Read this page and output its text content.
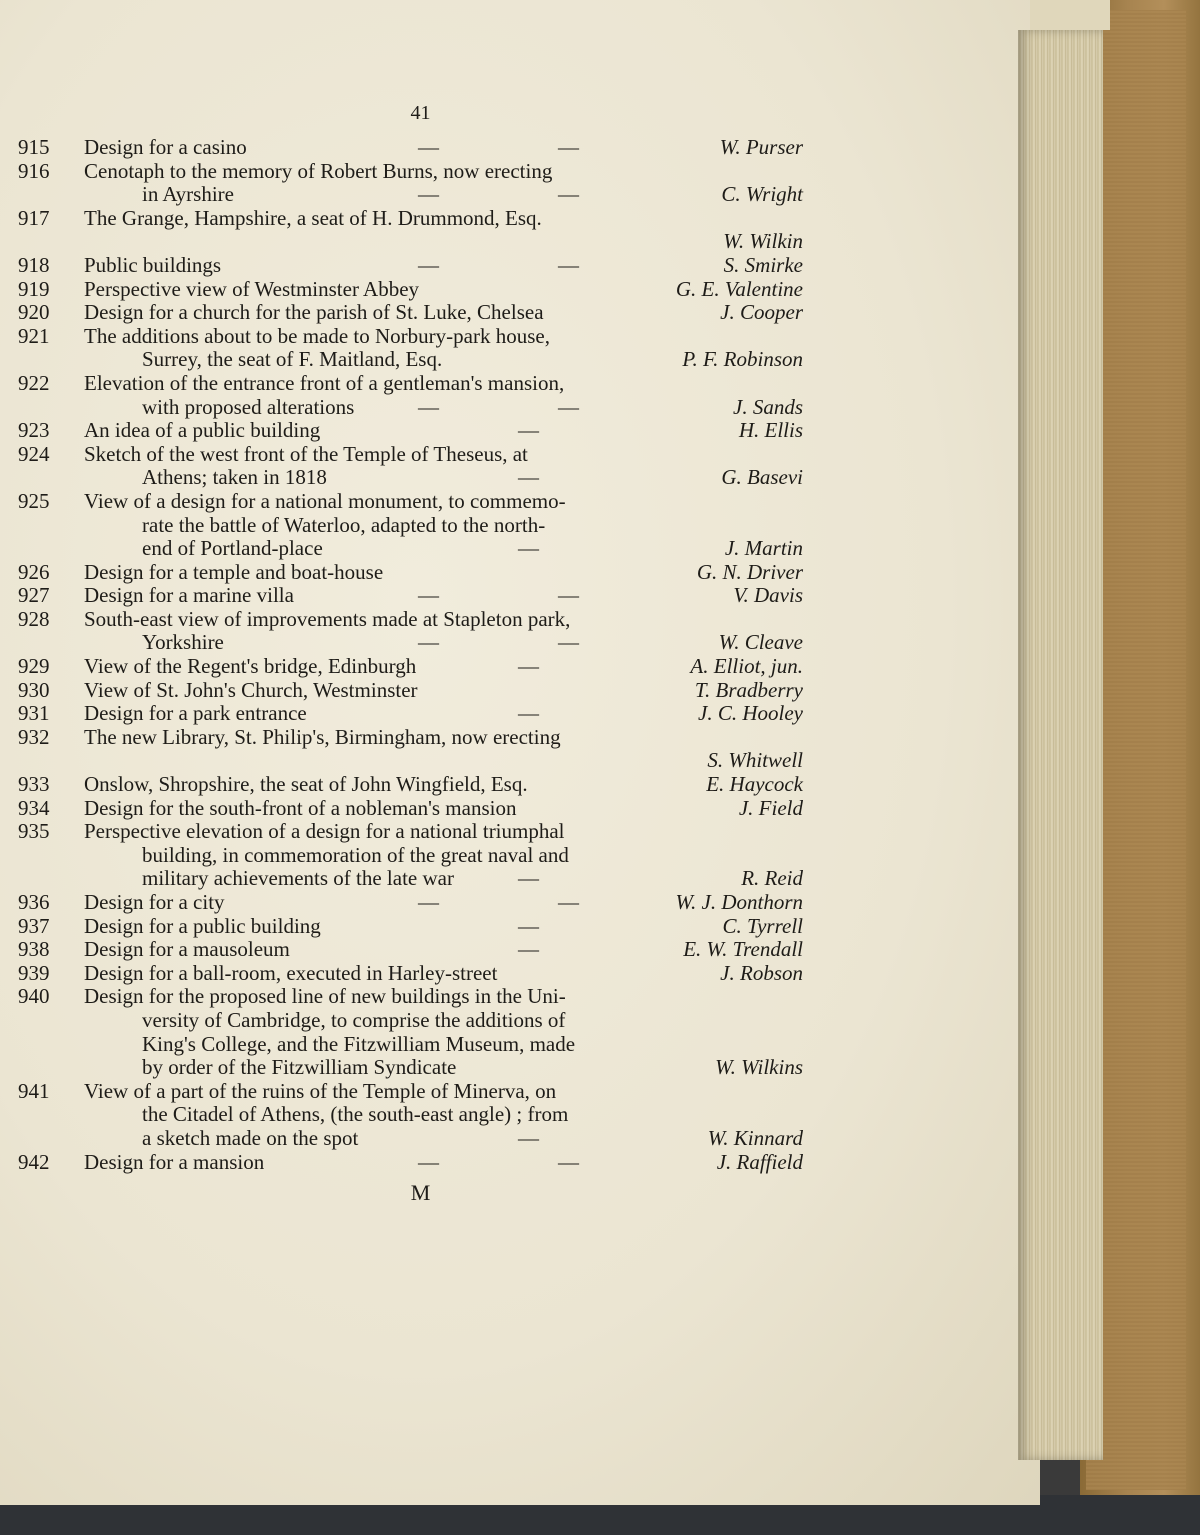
41
915	Design for a casino	—	—	W. Purser
916	Cenotaph to the memory of Robert Burns, now erecting
in Ayrshire	—	—	C. Wright
917	The Grange, Hampshire, a seat of H. Drummond, Esq.
W. Wilkin
918	Public buildings	—	—	S. Smirke
919	Perspective view of Westminster Abbey	G. E. Valentine
920	Design for a church for the parish of St. Luke, Chelsea	J. Cooper
921	The additions about to be made to Norbury-park house,
Surrey, the seat of F. Maitland, Esq.	P. F. Robinson
922	Elevation of the entrance front of a gentleman's mansion,
with proposed alterations	—	—	J. Sands
923	An idea of a public building	—	H. Ellis
924	Sketch of the west front of the Temple of Theseus, at
Athens; taken in 1818	—	G. Basevi
925	View of a design for a national monument, to commemo-
rate the battle of Waterloo, adapted to the north-
end of Portland-place	—	J. Martin
926	Design for a temple and boat-house	G. N. Driver
927	Design for a marine villa	—	—	V. Davis
928	South-east view of improvements made at Stapleton park,
Yorkshire	—	—	W. Cleave
929	View of the Regent's bridge, Edinburgh	—	A. Elliot, jun.
930	View of St. John's Church, Westminster	T. Bradberry
931	Design for a park entrance	—	J. C. Hooley
932	The new Library, St. Philip's, Birmingham, now erecting
S. Whitwell
933	Onslow, Shropshire, the seat of John Wingfield, Esq.	E. Haycock
934	Design for the south-front of a nobleman's mansion	J. Field
935	Perspective elevation of a design for a national triumphal
building, in commemoration of the great naval and
military achievements of the late war	—	R. Reid
936	Design for a city	—	—	W. J. Donthorn
937	Design for a public building	—	C. Tyrrell
938	Design for a mausoleum	—	E. W. Trendall
939	Design for a ball-room, executed in Harley-street	J. Robson
940	Design for the proposed line of new buildings in the Uni-
versity of Cambridge, to comprise the additions of
King's College, and the Fitzwilliam Museum, made
by order of the Fitzwilliam Syndicate	W. Wilkins
941	View of a part of the ruins of the Temple of Minerva, on
the Citadel of Athens, (the south-east angle) ; from
a sketch made on the spot	—	W. Kinnard
942	Design for a mansion	—	—	J. Raffield
M
